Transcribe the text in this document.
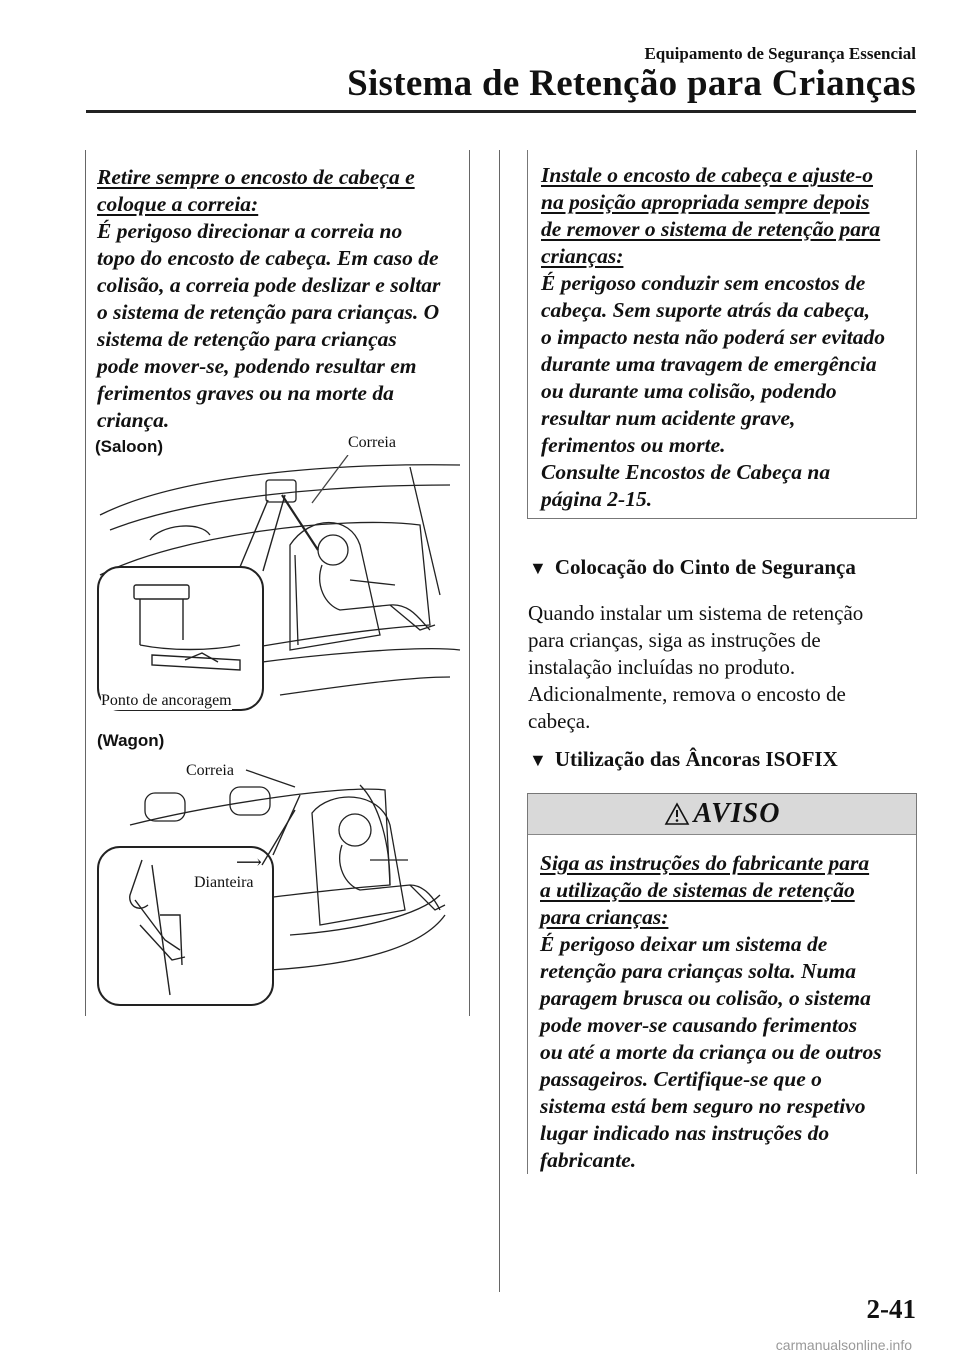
Equipamento de Segurança Essencial
Sistema de Retenção para Crianças

Retire sempre o encosto de cabeça e

coloque a correia:

É perigoso direcionar a correia no

topo do encosto de cabeça. Em caso de

colisão, a correia pode deslizar e soltar

o sistema de retenção para crianças. O

sistema de retenção para crianças

pode mover-se, podendo resultar em

ferimentos graves ou na morte da

criança.

(Saloon)	Correia
Ponto de ancoragem
(Wagon)
Correia
Dianteira
⟶

Instale o encosto de cabeça e ajuste-o

na posição apropriada sempre depois

de remover o sistema de retenção para

crianças:

É perigoso conduzir sem encostos de

cabeça. Sem suporte atrás da cabeça,

o impacto nesta não poderá ser evitado

durante uma travagem de emergência

ou durante uma colisão, podendo

resultar num acidente grave,

ferimentos ou morte.

Consulte Encostos de Cabeça na

página 2-15.

▼ Colocação do Cinto de Segurança
Quando instalar um sistema de retenção
para crianças, siga as instruções de
instalação incluídas no produto.
Adicionalmente, remova o encosto de
cabeça.
▼ Utilização das Âncoras ISOFIX
AVISO

Siga as instruções do fabricante para

a utilização de sistemas de retenção

para crianças:

É perigoso deixar um sistema de

retenção para crianças solta. Numa

paragem brusca ou colisão, o sistema

pode mover-se causando ferimentos

ou até a morte da criança ou de outros

passageiros. Certifique-se que o

sistema está bem seguro no respetivo

lugar indicado nas instruções do

fabricante.

2-41
carmanualsonline.info
